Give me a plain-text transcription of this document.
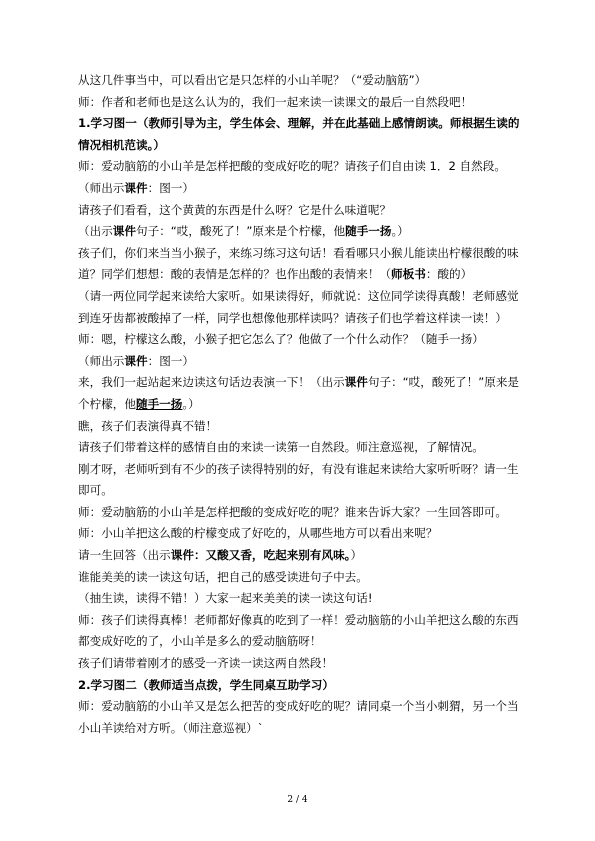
从这几件事当中，可以看出它是只怎样的小山羊呢？（“爱动脑筋”）

师：作者和老师也是这么认为的，我们一起来读一读课文的最后一自然段吧！

1.学习图一（教师引导为主，学生体会、理解，并在此基础上感情朗读。师根据生读的情况相机范读。）

师：爱动脑筋的小山羊是怎样把酸的变成好吃的呢？请孩子们自由读 1．2 自然段。

（师出示课件：图一）

请孩子们看看，这个黄黄的东西是什么呀？它是什么味道呢？

（出示课件句子：“哎，酸死了！”原来是个柠檬，他随手一扬。）

孩子们，你们来当当小猴子，来练习练习这句话！看看哪只小猴儿能读出柠檬很酸的味道？同学们想想：酸的表情是怎样的？也作出酸的表情来！（师板书：酸的）

（请一两位同学起来读给大家听。如果读得好，师就说：这位同学读得真酸！老师感觉到连牙齿都被酸掉了一样，同学也想像他那样读吗？请孩子们也学着这样读一读！）

师：嗯，柠檬这么酸，小猴子把它怎么了？他做了一个什么动作？（随手一扬）

（师出示课件：图一）

来，我们一起站起来边读这句话边表演一下！（出示课件句子：“哎，酸死了！”原来是个柠檬，他随手一扬。）

瞧，孩子们表演得真不错！

请孩子们带着这样的感情自由的来读一读第一自然段。师注意巡视，了解情况。

刚才呀，老师听到有不少的孩子读得特别的好，有没有谁起来读给大家听听呀？请一生即可。

师：爱动脑筋的小山羊是怎样把酸的变成好吃的呢？谁来告诉大家？一生回答即可。

师：小山羊把这么酸的柠檬变成了好吃的，从哪些地方可以看出来呢？

请一生回答（出示课件：又酸又香，吃起来别有风味。）

谁能美美的读一读这句话，把自己的感受读进句子中去。

（抽生读，读得不错！）大家一起来美美的读一读这句话!

师：孩子们读得真棒！老师都好像真的吃到了一样！爱动脑筋的小山羊把这么酸的东西都变成好吃的了，小山羊是多么的爱动脑筋呀！

孩子们请带着刚才的感受一齐读一读这两自然段！

2.学习图二（教师适当点拨，学生同桌互助学习）

师：爱动脑筋的小山羊又是怎么把苦的变成好吃的呢？请同桌一个当小刺猬，另一个当小山羊读给对方听。（师注意巡视）`

2 / 4
